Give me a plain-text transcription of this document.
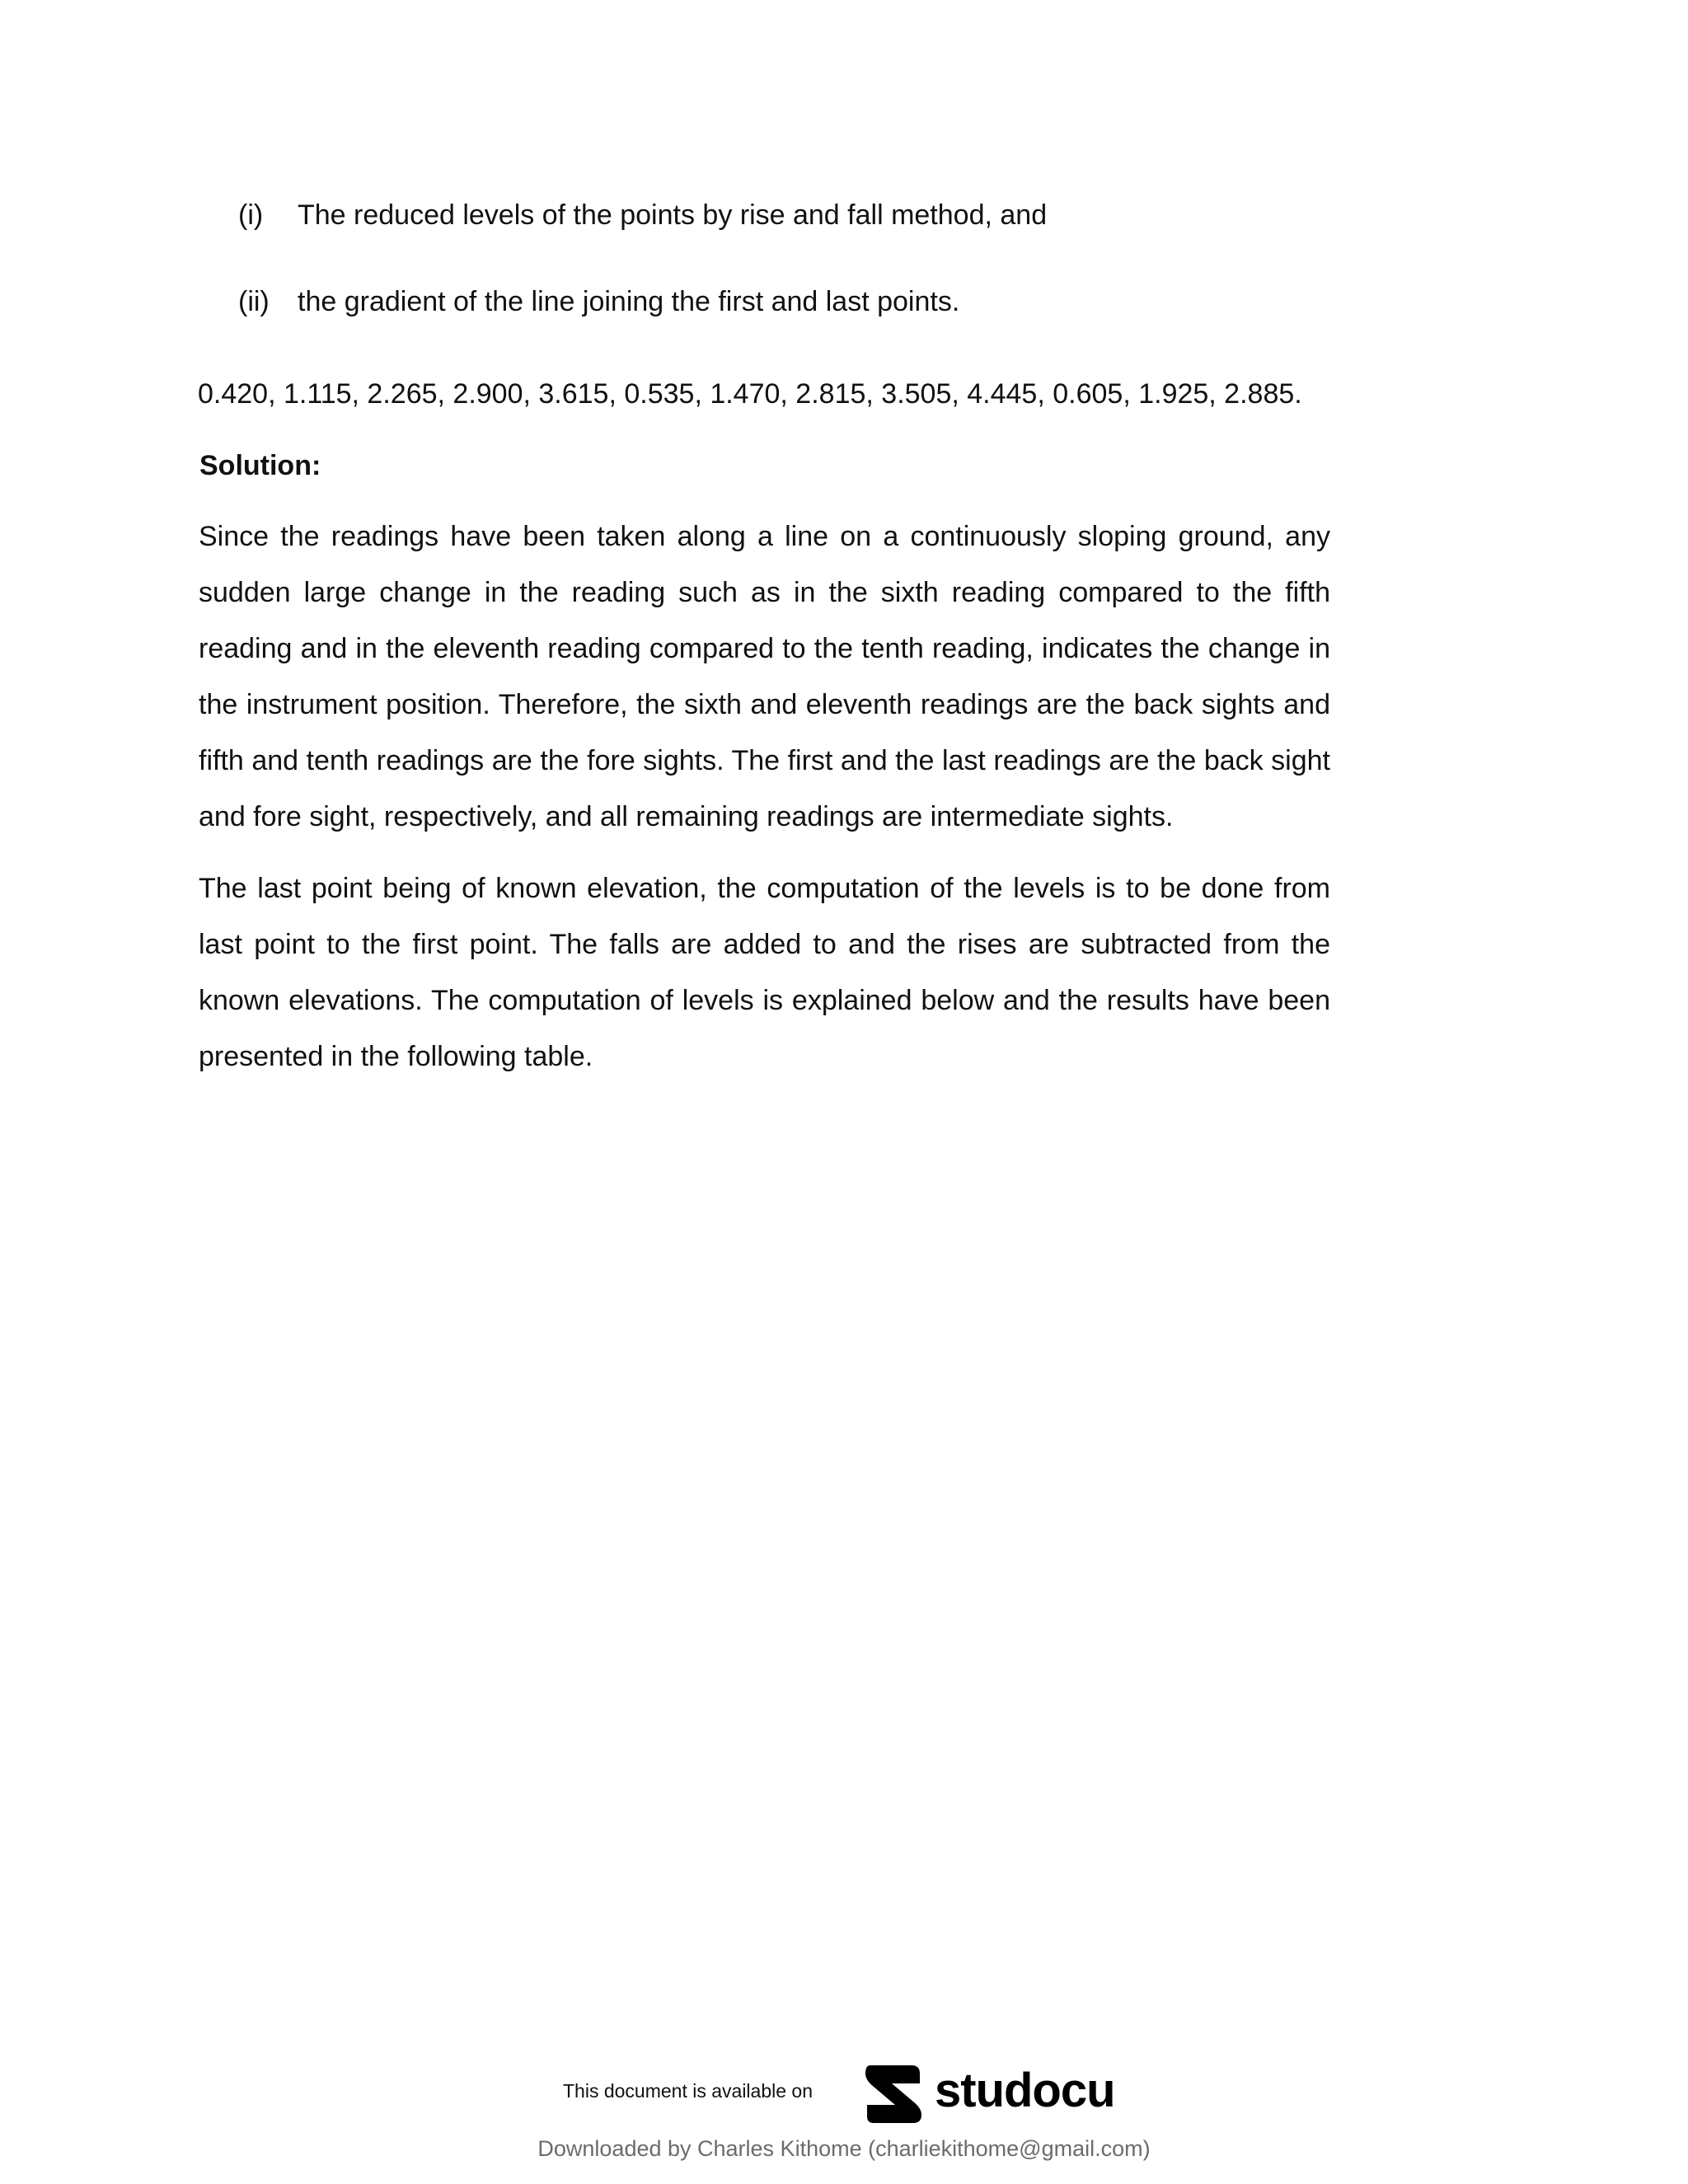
(i) The reduced levels of the points by rise and fall method, and
(ii) the gradient of the line joining the first and last points.
0.420, 1.115, 2.265, 2.900, 3.615, 0.535, 1.470, 2.815, 3.505, 4.445, 0.605, 1.925, 2.885.
Solution:

Since the readings have been taken along a line on a continuously sloping ground, any sudden large change in the reading such as in the sixth reading compared to the fifth reading and in the eleventh reading compared to the tenth reading, indicates the change in the instrument position. Therefore, the sixth and eleventh readings are the back sights and fifth and tenth readings are the fore sights. The first and the last readings are the back sight and fore sight, respectively, and all remaining readings are intermediate sights.

The last point being of known elevation, the computation of the levels is to be done from last point to the first point. The falls are added to and the rises are subtracted from the known elevations. The computation of levels is explained below and the results have been presented in the following table.

This document is available on	studocu
Downloaded by Charles Kithome (charliekithome@gmail.com)
